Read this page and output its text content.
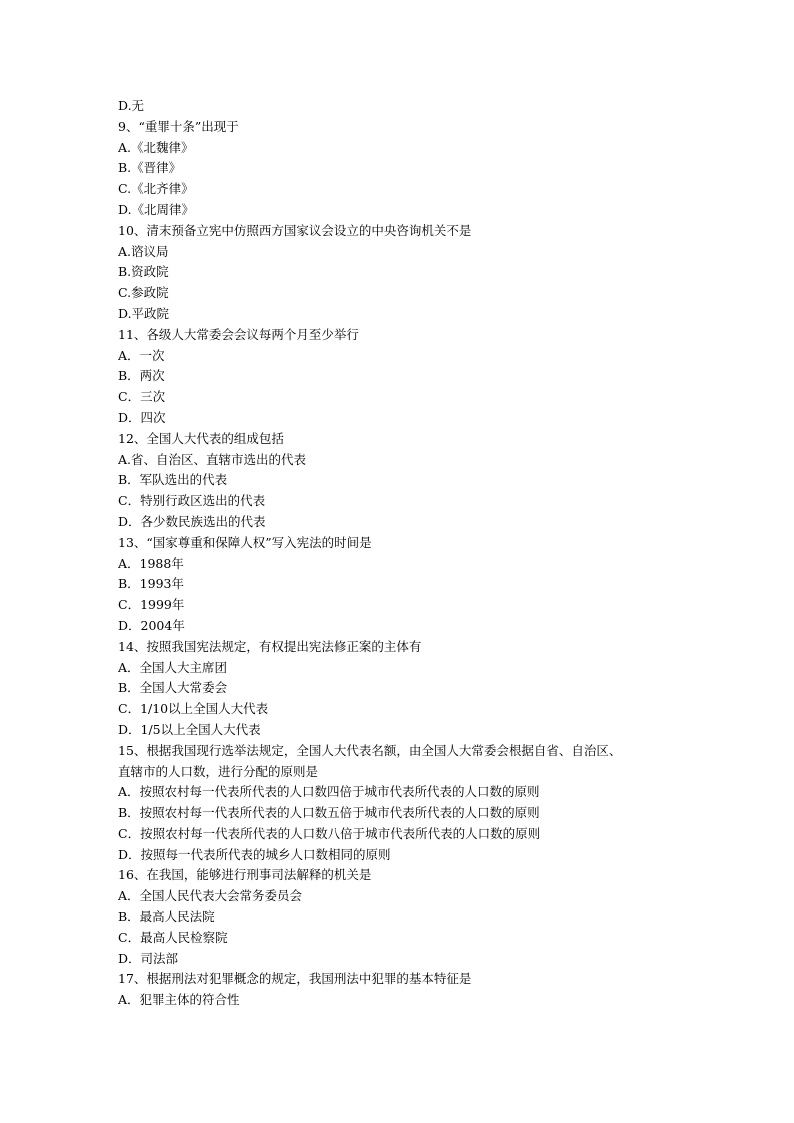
D.无
9、“重罪十条”出现于
A.《北魏律》
B.《晋律》
C.《北齐律》
D.《北周律》
10、清末预备立宪中仿照西方国家议会设立的中央咨询机关不是
A.谘议局
B.资政院
C.参政院
D.平政院
11、各级人大常委会会议每两个月至少举行
A．一次
B．两次
C．三次
D．四次
12、全国人大代表的组成包括
A.省、自治区、直辖市选出的代表
B．军队选出的代表
C．特别行政区选出的代表
D．各少数民族选出的代表
13、“国家尊重和保障人权”写入宪法的时间是
A．1988年
B．1993年
C．1999年
D．2004年
14、按照我国宪法规定，有权提出宪法修正案的主体有
A．全国人大主席团
B．全国人大常委会
C．1/10以上全国人大代表
D．1/5以上全国人大代表
15、根据我国现行选举法规定，全国人大代表名额，由全国人大常委会根据自省、自治区、
直辖市的人口数，进行分配的原则是
A．按照农村每一代表所代表的人口数四倍于城市代表所代表的人口数的原则
B．按照农村每一代表所代表的人口数五倍于城市代表所代表的人口数的原则
C．按照农村每一代表所代表的人口数八倍于城市代表所代表的人口数的原则
D．按照每一代表所代表的城乡人口数相同的原则
16、在我国，能够进行刑事司法解释的机关是
A．全国人民代表大会常务委员会
B．最高人民法院
C．最高人民检察院
D．司法部
17、根据刑法对犯罪概念的规定，我国刑法中犯罪的基本特征是
A．犯罪主体的符合性
